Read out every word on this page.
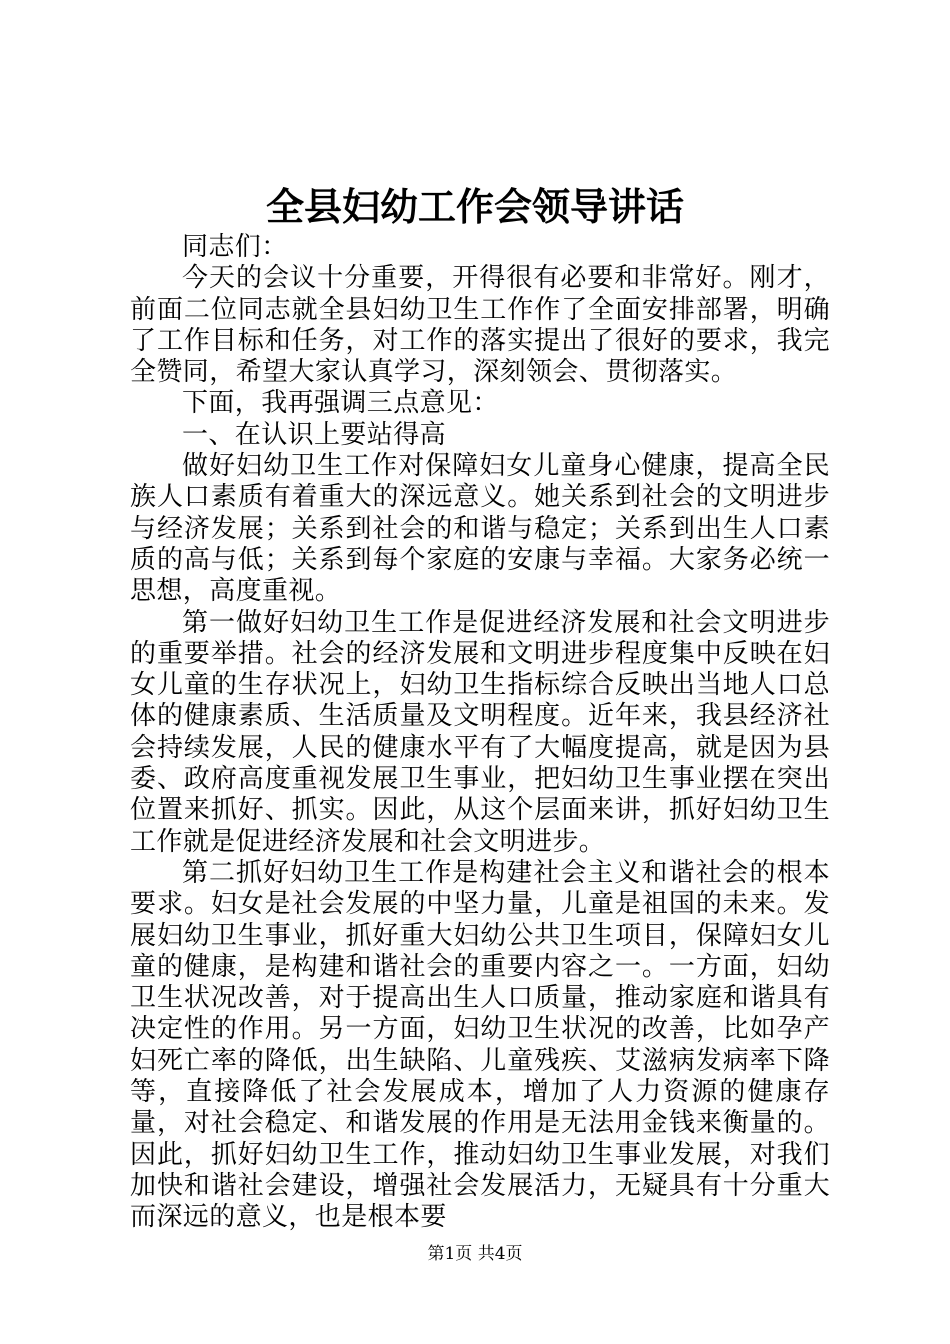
全县妇幼工作会领导讲话

同志们：

今天的会议十分重要，开得很有必要和非常好。刚才，前面二位同志就全县妇幼卫生工作作了全面安排部署，明确了工作目标和任务，对工作的落实提出了很好的要求，我完全赞同，希望大家认真学习，深刻领会、贯彻落实。

下面，我再强调三点意见：

一、在认识上要站得高

做好妇幼卫生工作对保障妇女儿童身心健康，提高全民族人口素质有着重大的深远意义。她关系到社会的文明进步与经济发展；关系到社会的和谐与稳定；关系到出生人口素质的高与低；关系到每个家庭的安康与幸福。大家务必统一思想，高度重视。

第一做好妇幼卫生工作是促进经济发展和社会文明进步的重要举措。社会的经济发展和文明进步程度集中反映在妇女儿童的生存状况上，妇幼卫生指标综合反映出当地人口总体的健康素质、生活质量及文明程度。近年来，我县经济社会持续发展，人民的健康水平有了大幅度提高，就是因为县委、政府高度重视发展卫生事业，把妇幼卫生事业摆在突出位置来抓好、抓实。因此，从这个层面来讲，抓好妇幼卫生工作就是促进经济发展和社会文明进步。

第二抓好妇幼卫生工作是构建社会主义和谐社会的根本要求。妇女是社会发展的中坚力量，儿童是祖国的未来。发展妇幼卫生事业，抓好重大妇幼公共卫生项目，保障妇女儿童的健康，是构建和谐社会的重要内容之一。一方面，妇幼卫生状况改善，对于提高出生人口质量，推动家庭和谐具有决定性的作用。另一方面，妇幼卫生状况的改善，比如孕产妇死亡率的降低，出生缺陷、儿童残疾、艾滋病发病率下降等，直接降低了社会发展成本，增加了人力资源的健康存量，对社会稳定、和谐发展的作用是无法用金钱来衡量的。因此，抓好妇幼卫生工作，推动妇幼卫生事业发展，对我们加快和谐社会建设，增强社会发展活力，无疑具有十分重大而深远的意义，也是根本要

第1页 共4页
